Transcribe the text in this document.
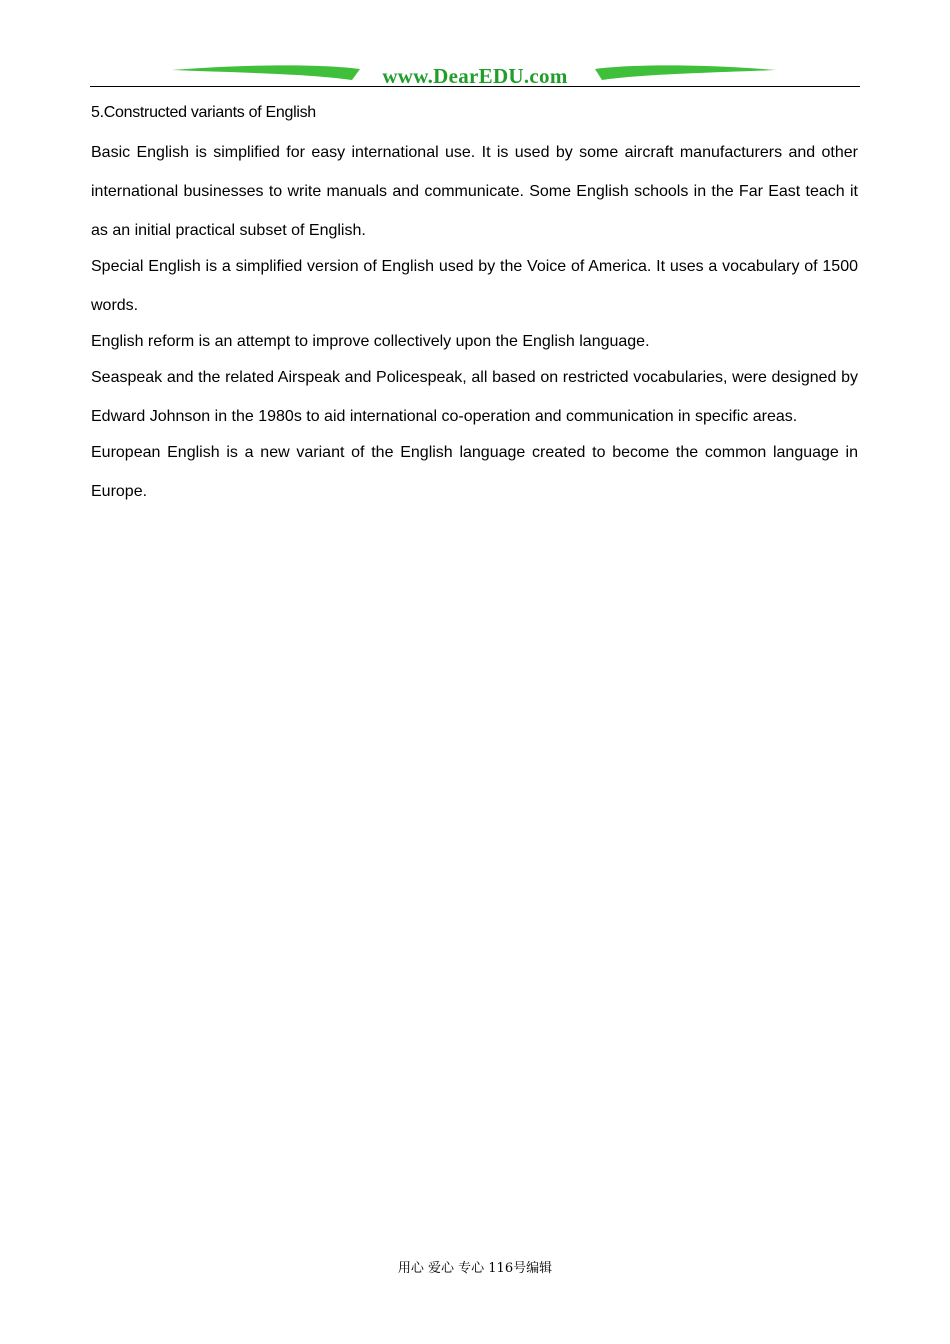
www.DearEDU.com
5.Constructed variants of English

Basic English is simplified for easy international use. It is used by some aircraft manufacturers and other international businesses to write manuals and communicate. Some English schools in the Far East teach it as an initial practical subset of English.

Special English is a simplified version of English used by the Voice of America. It uses a vocabulary of 1500 words.

English reform is an attempt to improve collectively upon the English language.

Seaspeak and the related Airspeak and Policespeak, all based on restricted vocabularies, were designed by Edward Johnson in the 1980s to aid international co-operation and communication in specific areas.

European English is a new variant of the English language created to become the common language in Europe.

用心 爱心 专心 116号编辑
